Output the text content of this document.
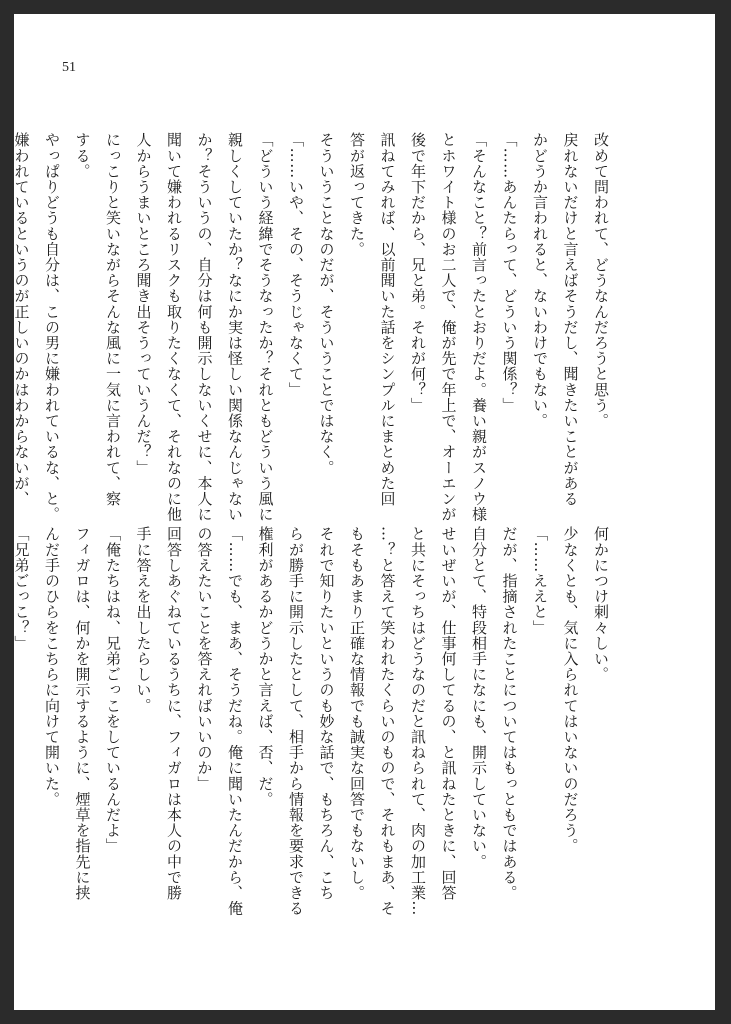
51
改めて問われて、どうなんだろうと思う。
戻れないだけと言えばそうだし、聞きたいことがある
かどうか言われると、ないわけでもない。
「……あんたらって、どういう関係？」
「そんなこと？前言ったとおりだよ。養い親がスノウ様
とホワイト様のお二人で、俺が先で年上で、オーエンが
後で年下だから、兄と弟。それが何？」
訊ねてみれば、以前聞いた話をシンプルにまとめた回
答が返ってきた。
そういうことなのだが、そういうことではなく。
「……いや、その、そうじゃなくて」
「どういう経緯でそうなったか？それともどういう風に
親しくしていたか？なにか実は怪しい関係なんじゃない
か？そういうの、自分は何も開示しないくせに、本人に
聞いて嫌われるリスクも取りたくなくて、それなのに他
人からうまいところ聞き出そうっていうんだ？」
にっこりと笑いながらそんな風に一気に言われて、察
する。
やっぱりどうも自分は、この男に嫌われているな、と。
嫌われているというのが正しいのかはわからないが、
何かにつけ刺々しい。
少なくとも、気に入られてはいないのだろう。
「……ええと」
だが、指摘されたことについてはもっともではある。
自分とて、特段相手になにも、開示していない。
せいぜいが、仕事何してるの、と訊ねたときに、回答
と共にそっちはどうなのだと訊ねられて、肉の加工業…
…？と答えて笑われたくらいのもので、それもまあ、そ
もそもあまり正確な情報でも誠実な回答でもないし。
それで知りたいというのも妙な話で、もちろん、こち
らが勝手に開示したとして、相手から情報を要求できる
権利があるかどうかと言えば、否、だ。
「……でも、まあ、そうだね。俺に聞いたんだから、俺
の答えたいことを答えればいいのか」
回答しあぐねているうちに、フィガロは本人の中で勝
手に答えを出したらしい。
「俺たちはね、兄弟ごっこをしているんだよ」
フィガロは、何かを開示するように、煙草を指先に挟
んだ手のひらをこちらに向けて開いた。
「兄弟ごっこ？」
